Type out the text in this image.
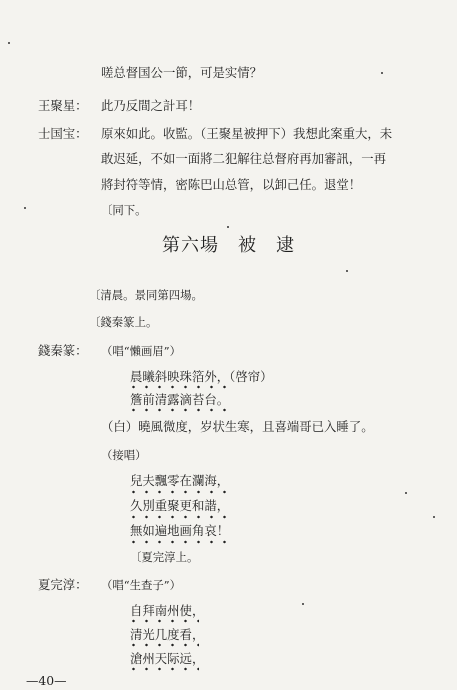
嗟总督国公一節，可是实情？
王聚星： 此乃反間之計耳！
士国宝： 原來如此。收監。（王聚星被押下）我想此案重大，未
敢迟延，不如一面將二犯解往总督府再加審訊，一再
將封符等情，密陈巴山总管，以卸己任。退堂！
〔同下。
第六場　被　逮
〔清晨。景同第四場。
〔錢秦篆上。
錢秦篆： （唱“懶画眉”）
晨曦斜映珠箔外，（啓帘）
簷前清露滴苔台。
（白）曉風微度，岁状生寒，且喜端哥已入睡了。
（接唱）
兒夫飄零在瀾海，
久別重聚更和諧，
無如遍地画角哀！
〔夏完淳上。
夏完淳： （唱“生查子”）
自拜南州使，
清光几度看，
滄州天际远，
—40—
